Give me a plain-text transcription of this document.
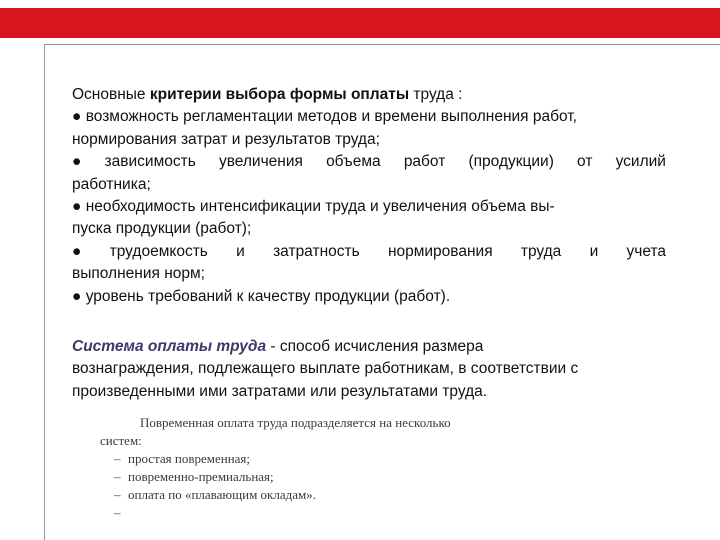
Основные критерии выбора формы оплаты труда :
● возможность регламентации методов и времени выполнения работ,
нормирования затрат и результатов труда;
● зависимость увеличения объема работ (продукции) от усилий
работника;
● необходимость интенсификации труда и увеличения объема вы-
пуска продукции (работ);
● трудоемкость и затратность нормирования труда и учета
выполнения норм;
● уровень требований к качеству продукции (работ).
Система оплаты труда - способ исчисления размера
вознаграждения, подлежащего выплате работникам, в соответствии с
произведенными ими затратами или результатами труда.
Повременная оплата труда подразделяется на несколько
систем:
– простая повременная;
– повременно-премиальная;
– оплата по «плавающим окладам».
–
